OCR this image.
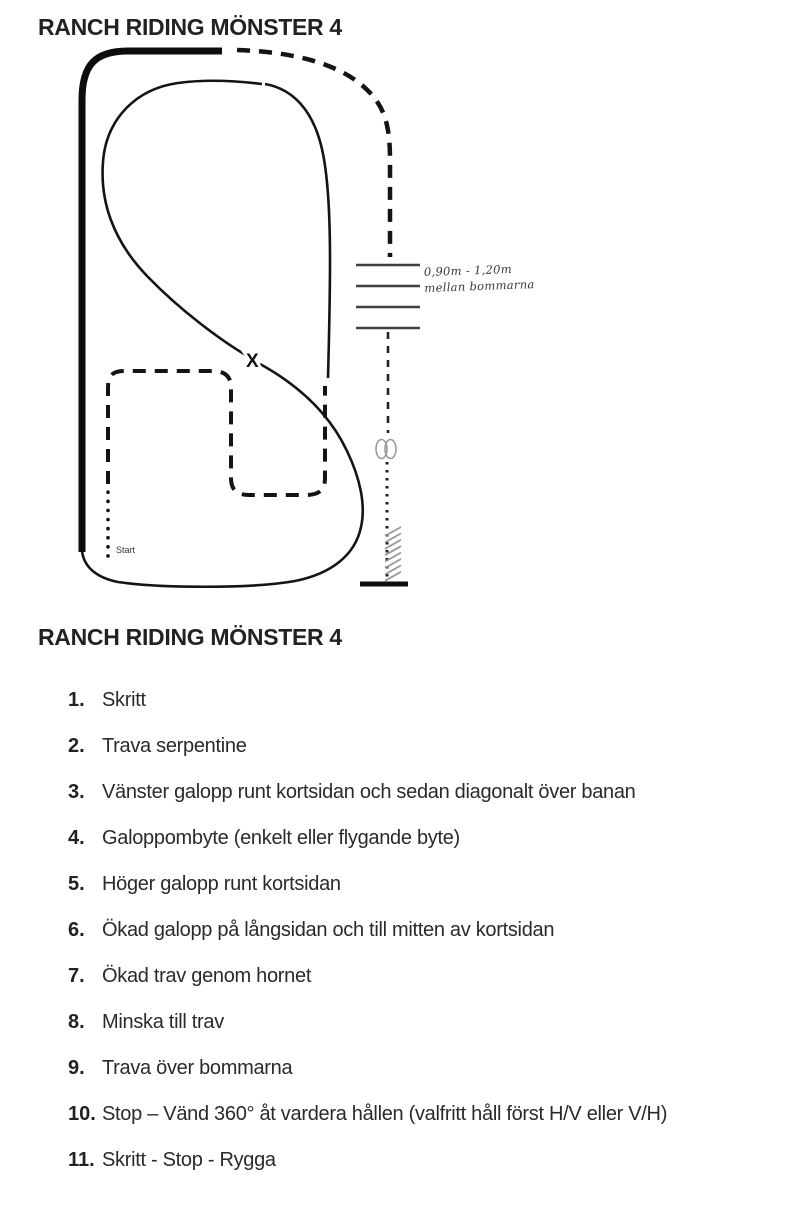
RANCH RIDING MÖNSTER 4
X
Start
0,90m - 1,20m
mellan bommarna
RANCH RIDING MÖNSTER 4
1. Skritt
2. Trava serpentine
3. Vänster galopp runt kortsidan och sedan diagonalt över banan
4. Galoppombyte (enkelt eller flygande byte)
5. Höger galopp runt kortsidan
6. Ökad galopp på långsidan och till mitten av kortsidan
7. Ökad trav genom hornet
8. Minska till trav
9. Trava över bommarna
10. Stop – Vänd 360° åt vardera hållen (valfritt håll först H/V eller V/H)
11. Skritt - Stop - Rygga
